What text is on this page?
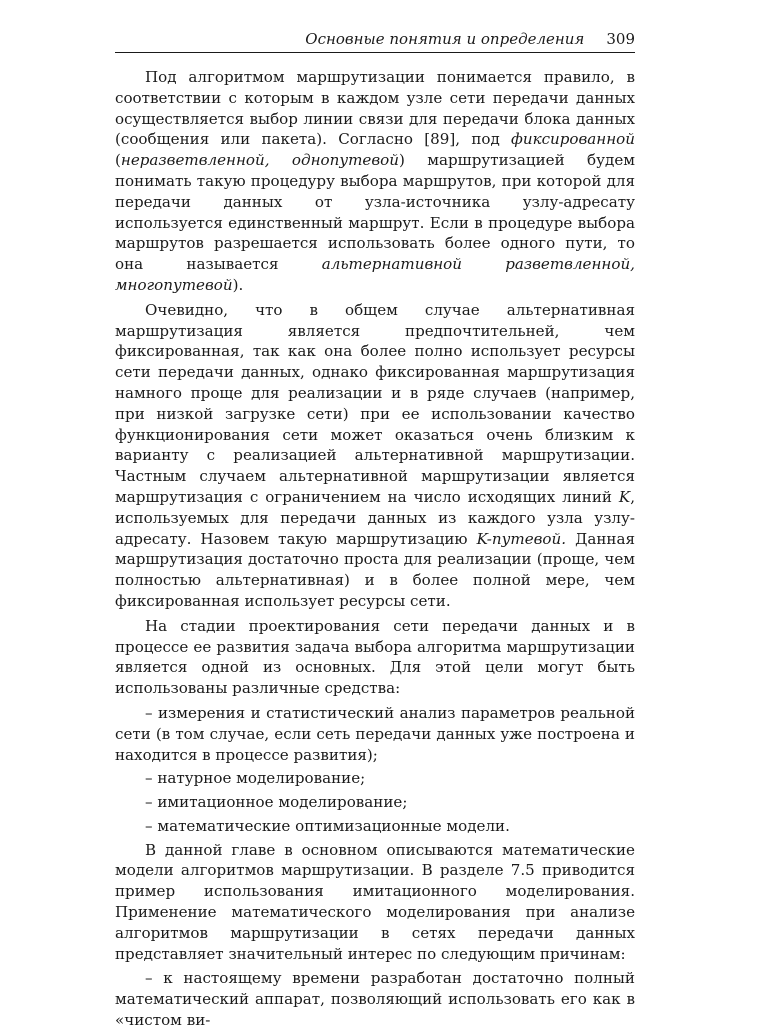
Основные понятия и определения 309

Под алгоритмом маршрутизации понимается правило, в соответствии с которым в каждом узле сети передачи данных осуществляется выбор линии связи для передачи блока данных (сообщения или пакета). Согласно [89], под фиксированной (неразветвленной, однопутевой) маршрутизацией будем понимать такую процедуру выбора маршрутов, при которой для передачи данных от узла-источника узлу-адресату используется единственный маршрут. Если в процедуре выбора маршрутов разрешается использовать более одного пути, то она называется альтернативной разветвленной, многопутевой).

Очевидно, что в общем случае альтернативная маршрутизация является предпочтительней, чем фиксированная, так как она более полно использует ресурсы сети передачи данных, однако фиксированная маршрутизация намного проще для реализации и в ряде случаев (например, при низкой загрузке сети) при ее использовании качество функционирования сети может оказаться очень близким к варианту с реализацией альтернативной маршрутизации. Частным случаем альтернативной маршрутизации является маршрутизация с ограничением на число исходящих линий K, используемых для передачи данных из каждого узла узлу-адресату. Назовем такую маршрутизацию K-путевой. Данная маршрутизация достаточно проста для реализации (проще, чем полностью альтернативная) и в более полной мере, чем фиксированная использует ресурсы сети.

На стадии проектирования сети передачи данных и в процессе ее развития задача выбора алгоритма маршрутизации является одной из основных. Для этой цели могут быть использованы различные средства:

– измерения и статистический анализ параметров реальной сети (в том случае, если сеть передачи данных уже построена и находится в процессе развития);

– натурное моделирование;

– имитационное моделирование;

– математические оптимизационные модели.

В данной главе в основном описываются математические модели алгоритмов маршрутизации. В разделе 7.5 приводится пример использования имитационного моделирования. Применение математического моделирования при анализе алгоритмов маршрутизации в сетях передачи данных представляет значительный интерес по следующим причинам:

– к настоящему времени разработан достаточно полный математический аппарат, позволяющий использовать его как в «чистом ви-
